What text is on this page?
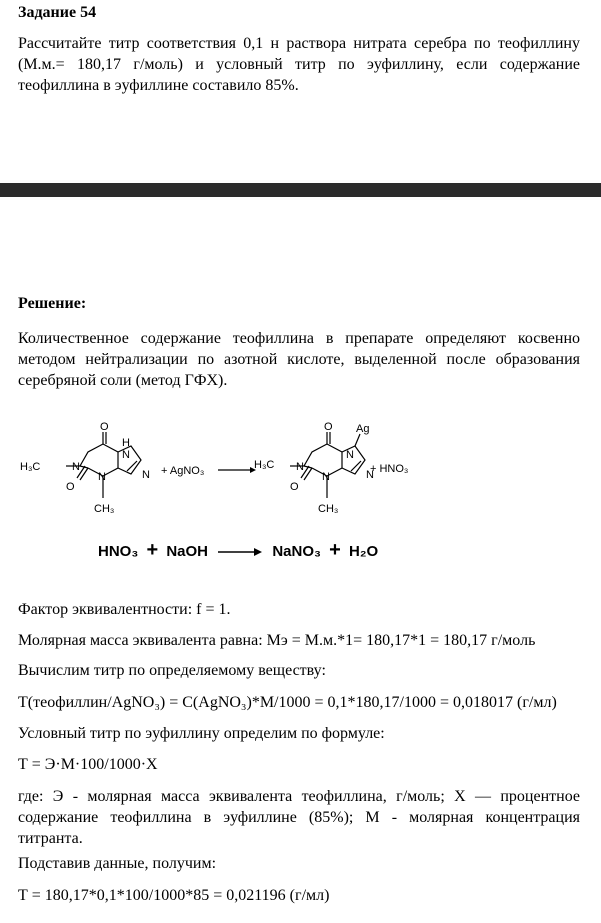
Задание 54
Рассчитайте титр соответствия 0,1 н раствора нитрата серебра по теофиллину (М.м.= 180,17 г/моль) и условный титр по эуфиллину, если содержание теофиллина в эуфиллине составило 85%.
Решение:
Количественное содержание теофиллина в препарате определяют косвенно методом нейтрализации по азотной кислоте, выделенной после образования серебряной соли (метод ГФХ).
H₃C	N
O
O
N
CH₃
H
N
N + AgNO₃	H₃C N
O
O
N
CH₃
Ag
N
N
+ HNO₃
HNO₃ + NaOH → NaNO₃ + H₂O
Фактор эквивалентности: f = 1.
Молярная масса эквивалента равна: Мэ = М.м.*1= 180,17*1 = 180,17 г/моль
Вычислим титр по определяемому веществу:
Т(теофиллин/AgNO₃) = С(AgNO₃)*М/1000 = 0,1*180,17/1000 = 0,018017 (г/мл)
Условный титр по эуфиллину определим по формуле:
Т = Э·М·100/1000·Х
где: Э - молярная масса эквивалента теофиллина, г/моль; Х — процентное содержание теофиллина в эуфиллине (85%); М - молярная концентрация титранта.
Подставив данные, получим:
Т = 180,17*0,1*100/1000*85 = 0,021196 (г/мл)
